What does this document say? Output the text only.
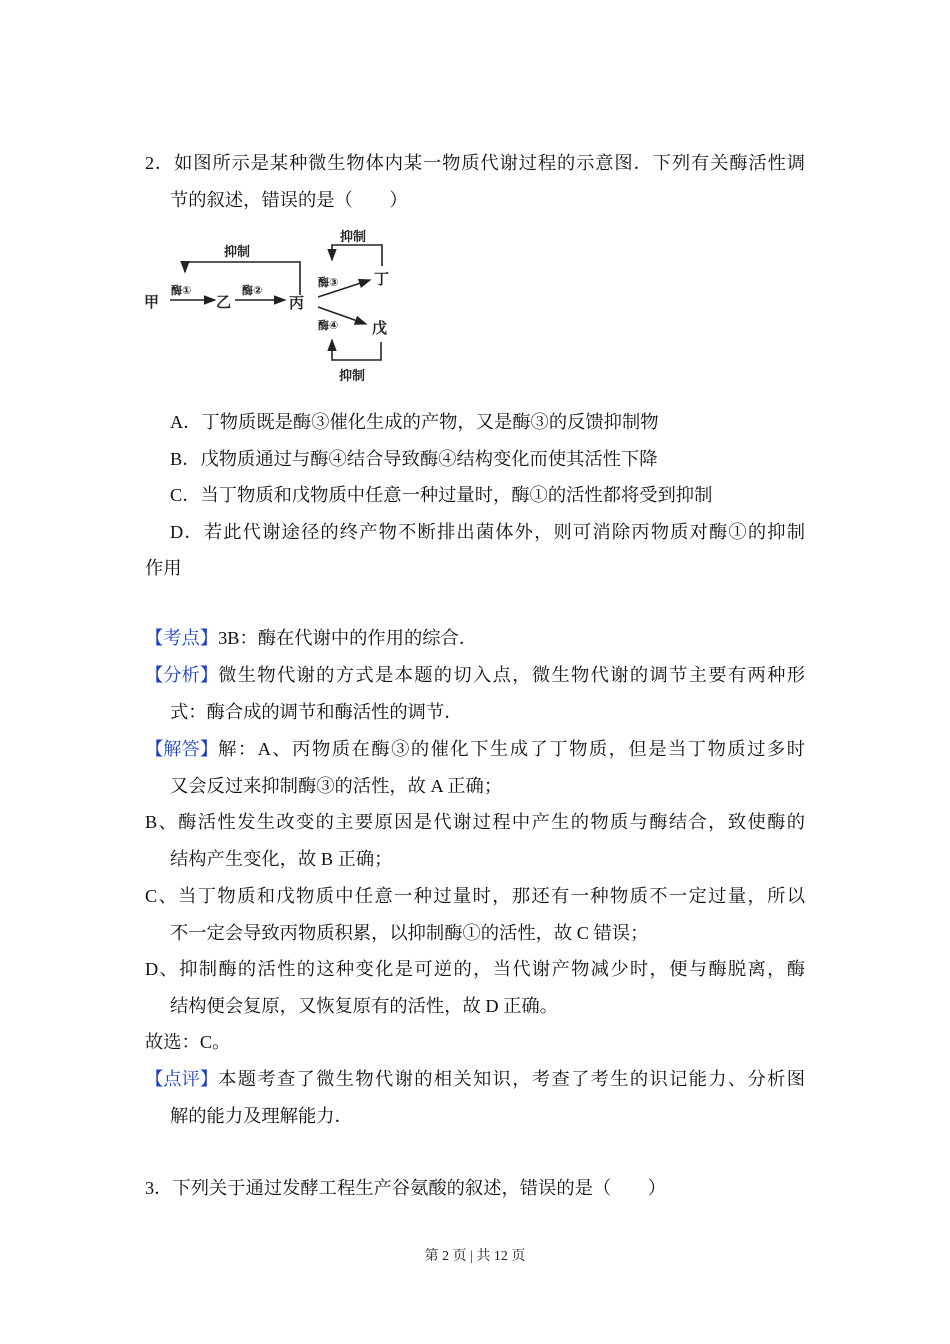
2．如图所示是某种微生物体内某一物质代谢过程的示意图．下列有关酶活性调
节的叙述，错误的是（　　）
甲	乙	丙
丁
戊
酶①	酶②
酶③
酶④
抑制
抑制
抑制
A．丁物质既是酶③催化生成的产物，又是酶③的反馈抑制物
B．戊物质通过与酶④结合导致酶④结构变化而使其活性下降
C．当丁物质和戊物质中任意一种过量时，酶①的活性都将受到抑制
D．若此代谢途径的终产物不断排出菌体外，则可消除丙物质对酶①的抑制
作用
【考点】3B：酶在代谢中的作用的综合．
【分析】 微生物代谢的方式是本题的切入点，微生物代谢的调节主要有两种形
式：酶合成的调节和酶活性的调节．
【解答】 解：A、丙物质在酶③的催化下生成了丁物质，但是当丁物质过多时
又会反过来抑制酶③的活性，故 A 正确；
B、酶活性发生改变的主要原因是代谢过程中产生的物质与酶结合，致使酶的
结构产生变化，故 B 正确；
C、当丁物质和戊物质中任意一种过量时，那还有一种物质不一定过量，所以
不一定会导致丙物质积累，以抑制酶①的活性，故 C 错误；
D、抑制酶的活性的这种变化是可逆的，当代谢产物减少时，便与酶脱离，酶
结构便会复原，又恢复原有的活性，故 D 正确。
故选：C。
【点评】 本题考查了微生物代谢的相关知识，考查了考生的识记能力、分析图
解的能力及理解能力．
3．下列关于通过发酵工程生产谷氨酸的叙述，错误的是（　　）
第 2 页 | 共 12 页
